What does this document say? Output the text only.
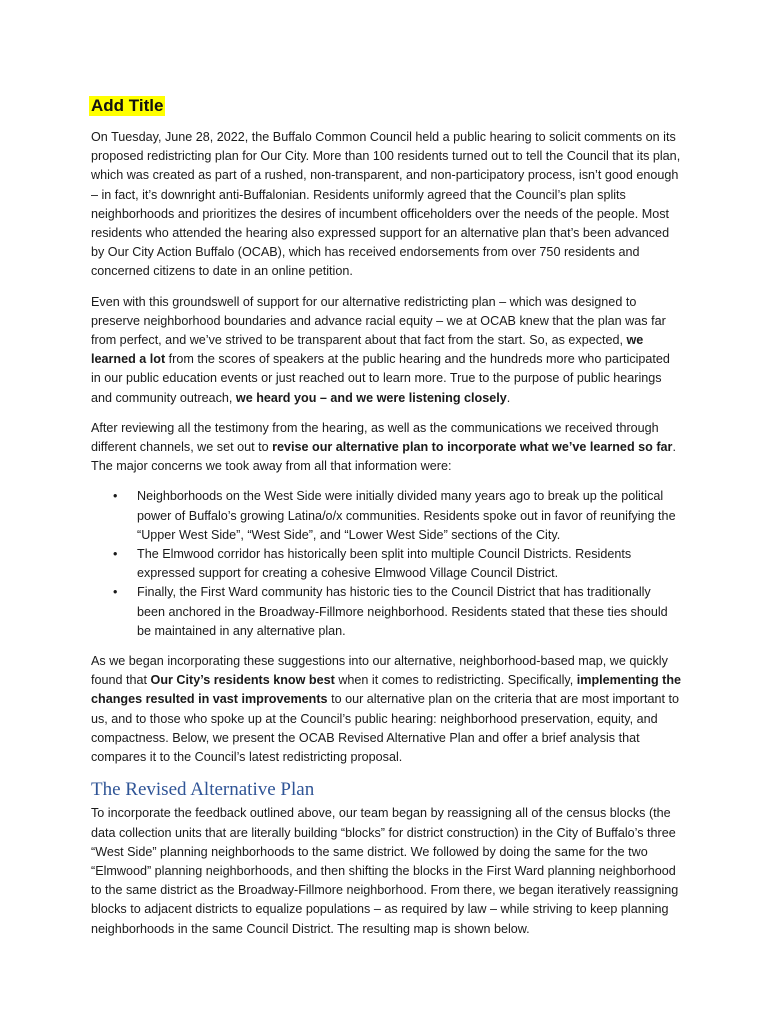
Add Title

On Tuesday, June 28, 2022, the Buffalo Common Council held a public hearing to solicit comments on its proposed redistricting plan for Our City. More than 100 residents turned out to tell the Council that its plan, which was created as part of a rushed, non-transparent, and non-participatory process, isn’t good enough – in fact, it’s downright anti-Buffalonian. Residents uniformly agreed that the Council’s plan splits neighborhoods and prioritizes the desires of incumbent officeholders over the needs of the people. Most residents who attended the hearing also expressed support for an alternative plan that’s been advanced by Our City Action Buffalo (OCAB), which has received endorsements from over 750 residents and concerned citizens to date in an online petition.

Even with this groundswell of support for our alternative redistricting plan – which was designed to preserve neighborhood boundaries and advance racial equity – we at OCAB knew that the plan was far from perfect, and we’ve strived to be transparent about that fact from the start. So, as expected, we learned a lot from the scores of speakers at the public hearing and the hundreds more who participated in our public education events or just reached out to learn more. True to the purpose of public hearings and community outreach, we heard you – and we were listening closely.

After reviewing all the testimony from the hearing, as well as the communications we received through different channels, we set out to revise our alternative plan to incorporate what we’ve learned so far. The major concerns we took away from all that information were:

• Neighborhoods on the West Side were initially divided many years ago to break up the political power of Buffalo’s growing Latina/o/x communities. Residents spoke out in favor of reunifying the “Upper West Side”, “West Side”, and “Lower West Side” sections of the City.
• The Elmwood corridor has historically been split into multiple Council Districts. Residents expressed support for creating a cohesive Elmwood Village Council District.
• Finally, the First Ward community has historic ties to the Council District that has traditionally been anchored in the Broadway-Fillmore neighborhood. Residents stated that these ties should be maintained in any alternative plan.

As we began incorporating these suggestions into our alternative, neighborhood-based map, we quickly found that Our City’s residents know best when it comes to redistricting. Specifically, implementing the changes resulted in vast improvements to our alternative plan on the criteria that are most important to us, and to those who spoke up at the Council’s public hearing: neighborhood preservation, equity, and compactness. Below, we present the OCAB Revised Alternative Plan and offer a brief analysis that compares it to the Council’s latest redistricting proposal.

The Revised Alternative Plan

To incorporate the feedback outlined above, our team began by reassigning all of the census blocks (the data collection units that are literally building “blocks” for district construction) in the City of Buffalo’s three “West Side” planning neighborhoods to the same district. We followed by doing the same for the two “Elmwood” planning neighborhoods, and then shifting the blocks in the First Ward planning neighborhood to the same district as the Broadway-Fillmore neighborhood. From there, we began iteratively reassigning blocks to adjacent districts to equalize populations – as required by law – while striving to keep planning neighborhoods in the same Council District. The resulting map is shown below.
